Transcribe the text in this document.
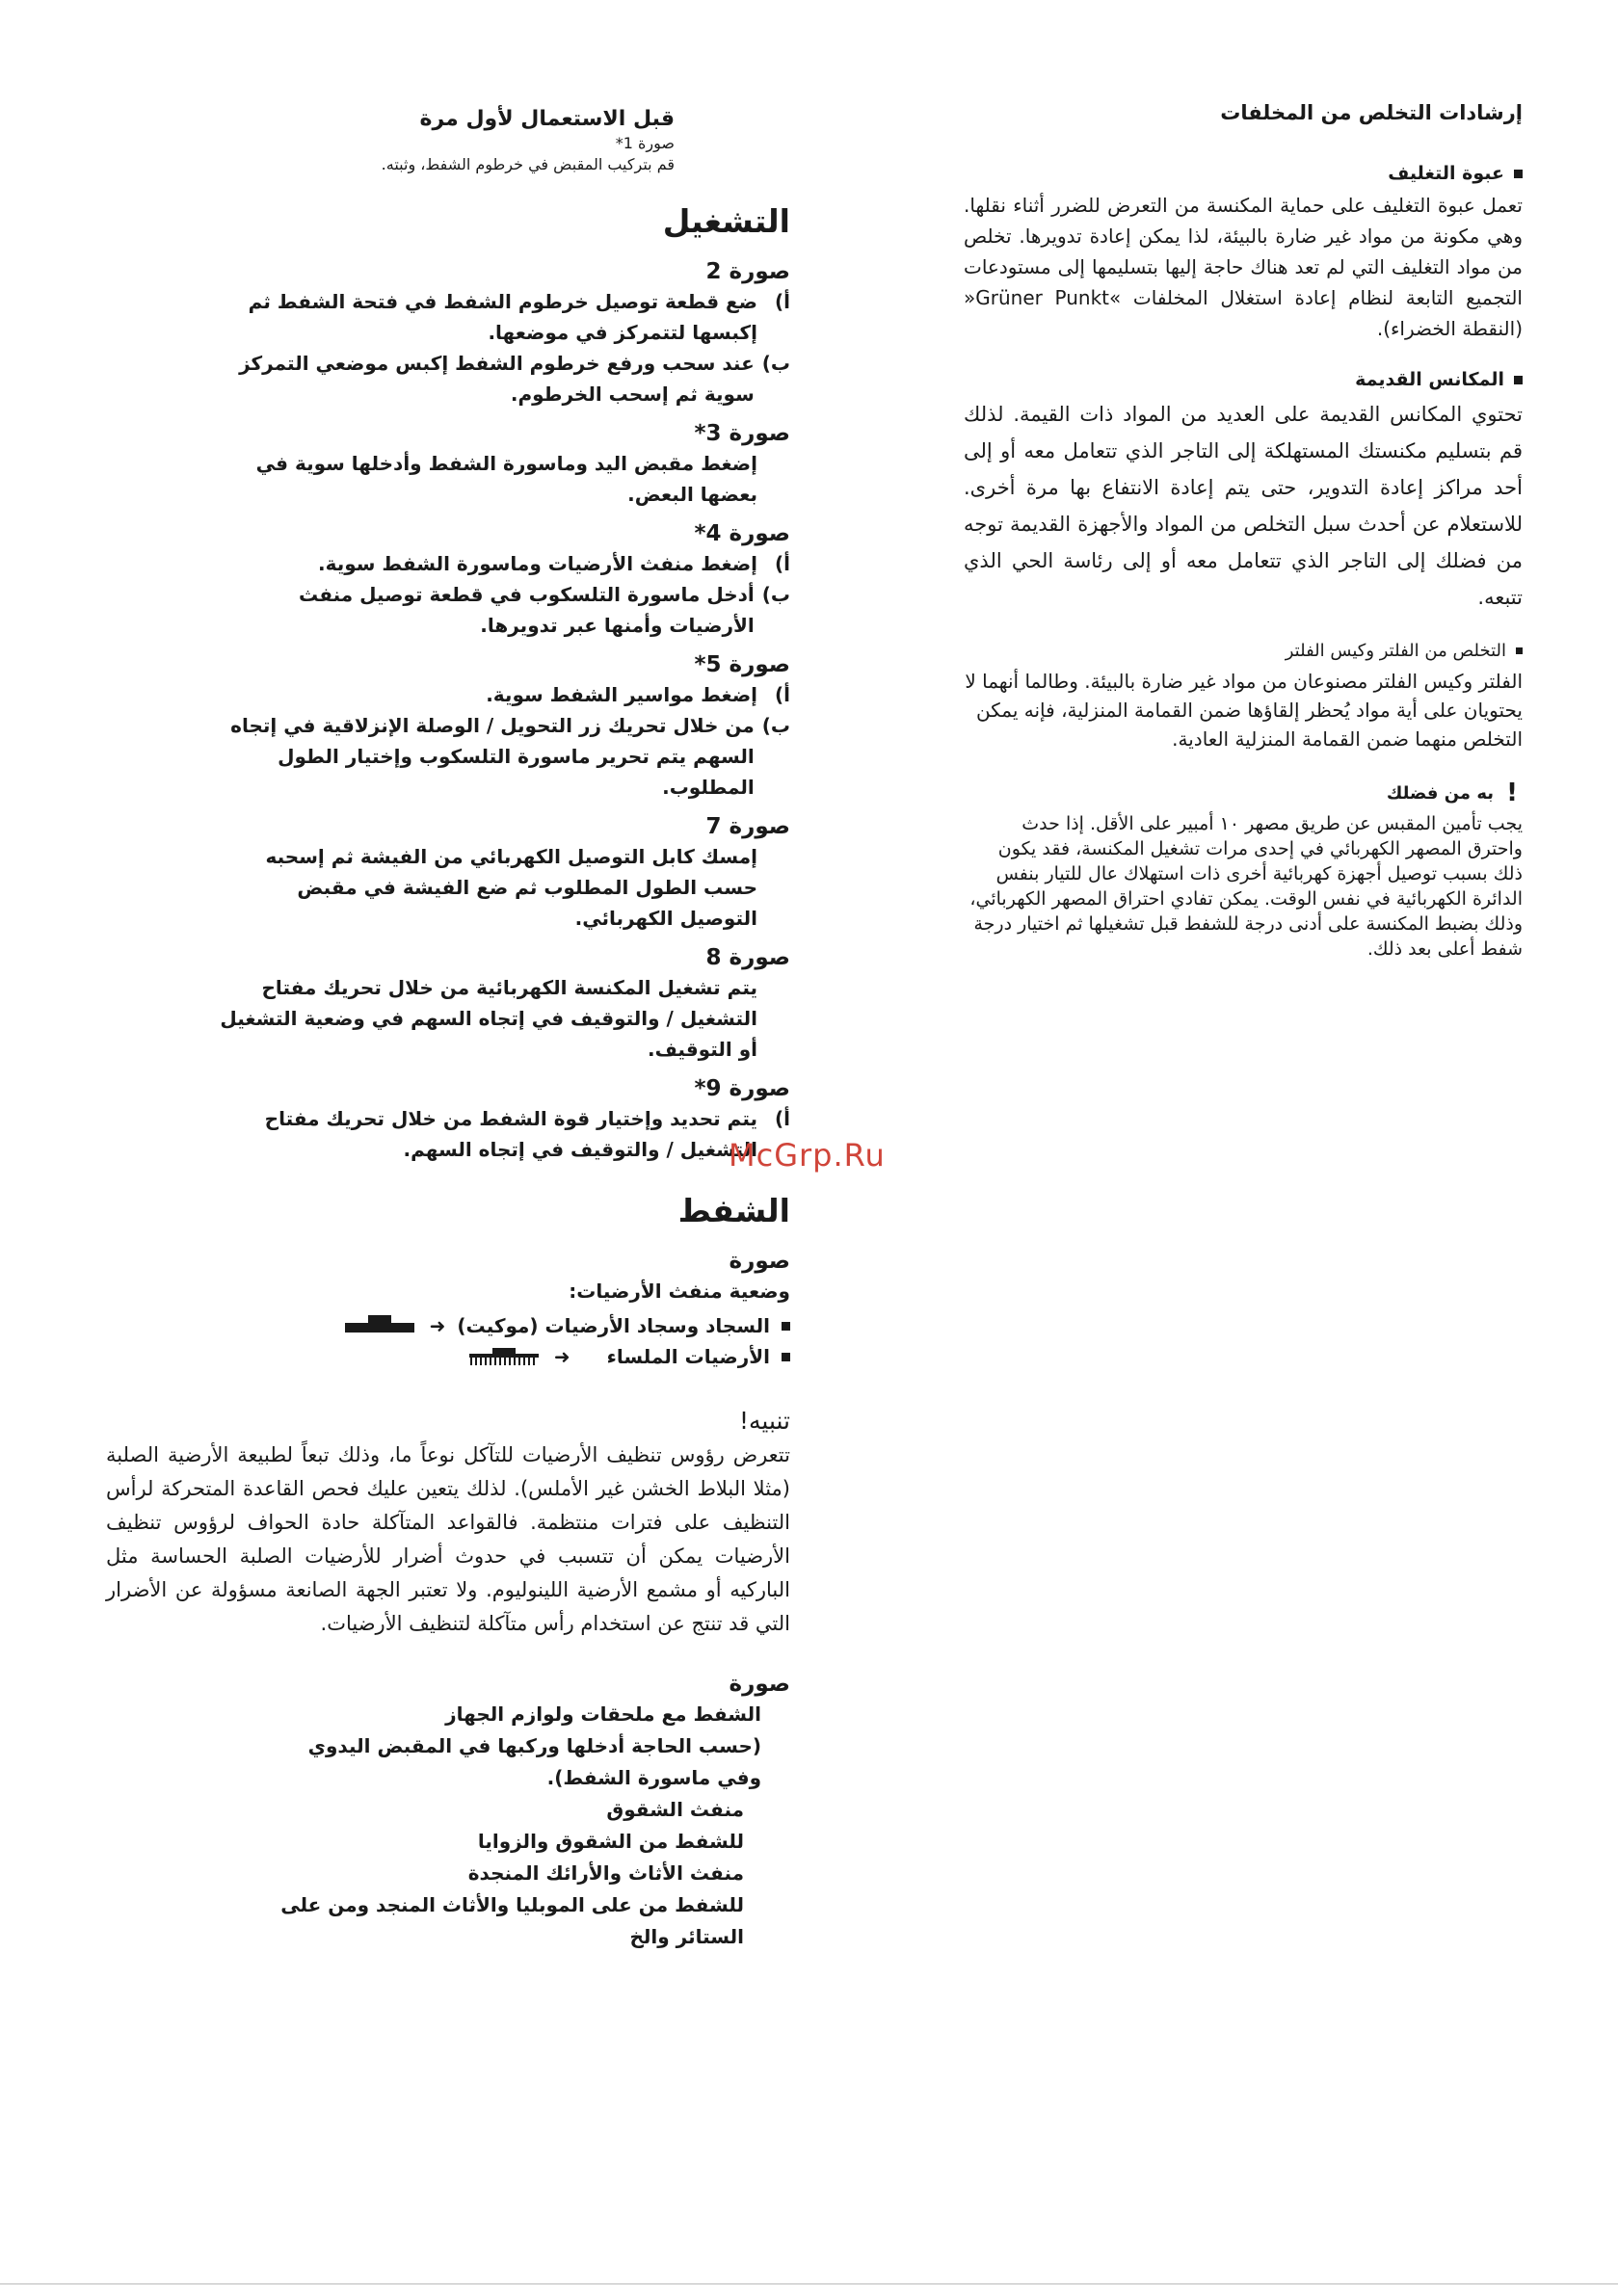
إرشادات التخلص من المخلفات
عبوة التغليف
تعمل عبوة التغليف على حماية المكنسة من التعرض للضرر أثناء نقلها. وهي مكونة من مواد غير ضارة بالبيئة، لذا يمكن إعادة تدويرها. تخلص من مواد التغليف التي لم تعد هناك حاجة إليها بتسليمها إلى مستودعات التجميع التابعة لنظام إعادة استغلال المخلفات »Grüner Punkt« (النقطة الخضراء).
المكانس القديمة
تحتوي المكانس القديمة على العديد من المواد ذات القيمة. لذلك قم بتسليم مكنستك المستهلكة إلى التاجر الذي تتعامل معه أو إلى أحد مراكز إعادة التدوير، حتى يتم إعادة الانتفاع بها مرة أخرى. للاستعلام عن أحدث سبل التخلص من المواد والأجهزة القديمة توجه من فضلك إلى التاجر الذي تتعامل معه أو إلى رئاسة الحي الذي تتبعه.
التخلص من الفلتر وكيس الفلتر
الفلتر وكيس الفلتر مصنوعان من مواد غير ضارة بالبيئة. وطالما أنهما لا يحتويان على أية مواد يُحظر إلقاؤها ضمن القمامة المنزلية، فإنه يمكن التخلص منهما ضمن القمامة المنزلية العادية.
!
به من فضلك
يجب تأمين المقبس عن طريق مصهر ١٠ أمبير على الأقل. إذا حدث واحترق المصهر الكهربائي في إحدى مرات تشغيل المكنسة، فقد يكون ذلك بسبب توصيل أجهزة كهربائية أخرى ذات استهلاك عال للتيار بنفس الدائرة الكهربائية في نفس الوقت. يمكن تفادي احتراق المصهر الكهربائي، وذلك بضبط المكنسة على أدنى درجة للشفط قبل تشغيلها ثم اختيار درجة شفط أعلى بعد ذلك.
قبل الاستعمال لأول مرة
صورة 1*
قم بتركيب المقبض في خرطوم الشفط، وثبته.
التشغيل
صورة 2
أ)
ضع قطعة توصيل خرطوم الشفط في فتحة الشفط ثم إكبسها لتتمركز في موضعها.
ب)
عند سحب ورفع خرطوم الشفط إكبس موضعي التمركز سوية ثم إسحب الخرطوم.
صورة 3*
إضغط مقبض اليد وماسورة الشفط وأدخلها سوية في بعضها البعض.
صورة 4*
أ)
إضغط منفث الأرضيات وماسورة الشفط سوية.
ب)
أدخل ماسورة التلسكوب في قطعة توصيل منفث الأرضيات وأمنها عبر تدويرها.
صورة 5*
أ)
إضغط مواسير الشفط سوية.
ب)
من خلال تحريك زر التحويل / الوصلة الإنزلاقية في إتجاه السهم يتم تحرير ماسورة التلسكوب وإختيار الطول المطلوب.
صورة 7
إمسك كابل التوصيل الكهربائي من الفيشة ثم إسحبه حسب الطول المطلوب ثم ضع الفيشة في مقبض التوصيل الكهربائي.
صورة 8
يتم تشغيل المكنسة الكهربائية من خلال تحريك مفتاح التشغيل / والتوقيف في إتجاه السهم في وضعية التشغيل أو التوقيف.
صورة 9*
أ)
يتم تحديد وإختيار قوة الشفط من خلال تحريك مفتاح التشغيل / والتوقيف في إتجاه السهم.
الشفط
صورة
وضعية منفث الأرضيات:
السجاد وسجاد الأرضيات (موكيت)
➜
الأرضيات الملساء
➜
تنبيه!
تتعرض رؤوس تنظيف الأرضيات للتآكل نوعاً ما، وذلك تبعاً لطبيعة الأرضية الصلبة (مثلا البلاط الخشن غير الأملس). لذلك يتعين عليك فحص القاعدة المتحركة لرأس التنظيف على فترات منتظمة. فالقواعد المتآكلة حادة الحواف لرؤوس تنظيف الأرضيات يمكن أن تتسبب في حدوث أضرار للأرضيات الصلبة الحساسة مثل الباركيه أو مشمع الأرضية اللينوليوم. ولا تعتبر الجهة الصانعة مسؤولة عن الأضرار التي قد تنتج عن استخدام رأس متآكلة لتنظيف الأرضيات.
صورة
الشفط مع ملحقات ولوازم الجهاز
(حسب الحاجة أدخلها وركبها في المقبض اليدوي
وفي ماسورة الشفط).
منفث الشقوق
للشفط من الشقوق والزوايا
منفث الأثاث والأرائك المنجدة
للشفط من على الموبليا والأثاث المنجد ومن على الستائر والخ
McGrp.Ru
